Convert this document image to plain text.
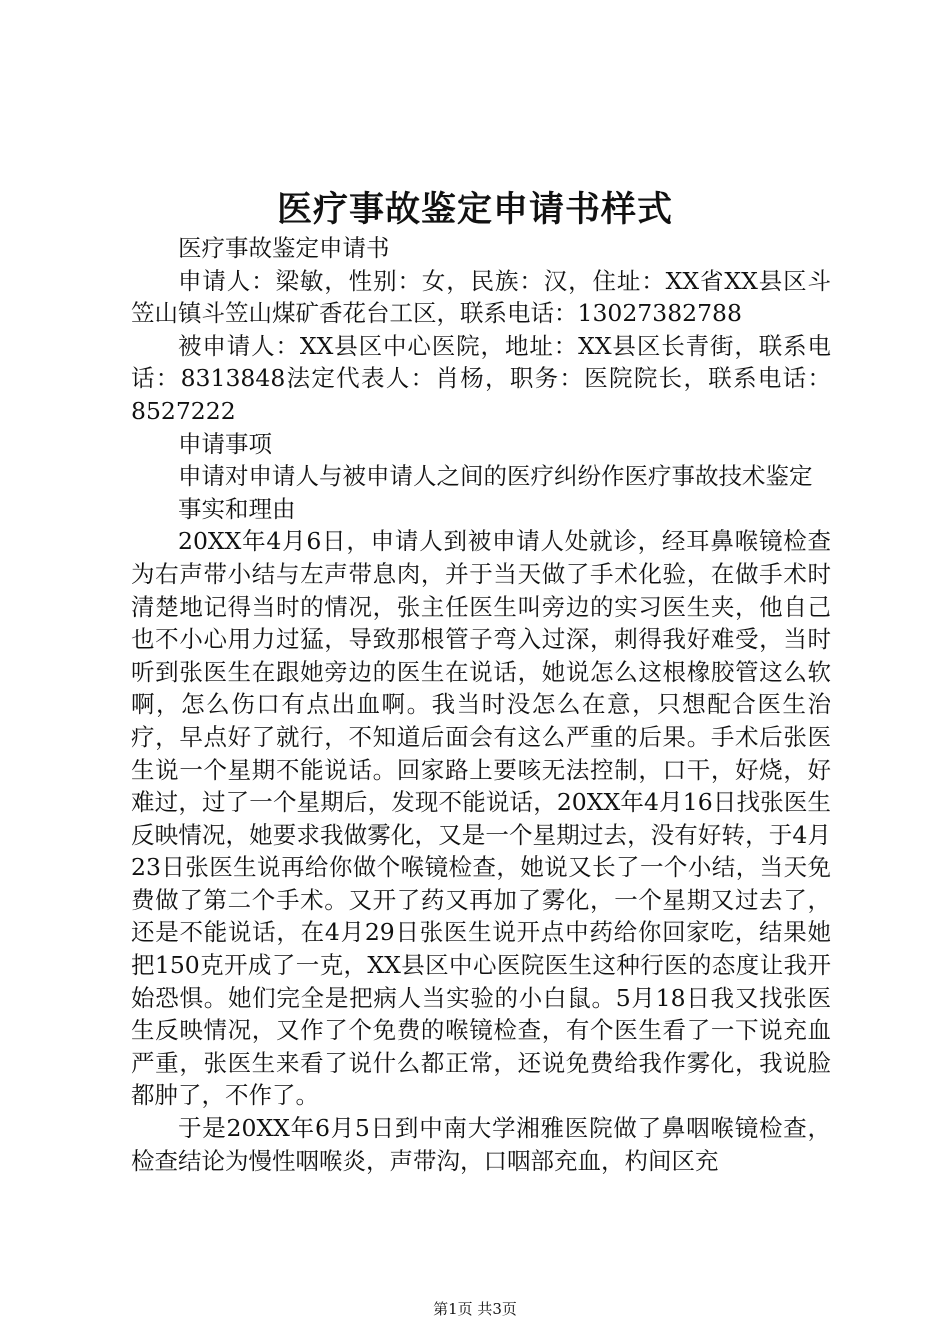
医疗事故鉴定申请书样式

医疗事故鉴定申请书

申请人：梁敏，性别：女，民族：汉，住址：XX省XX县区斗笠山镇斗笠山煤矿香花台工区，联系电话：13027382788

被申请人：XX县区中心医院，地址：XX县区长青街，联系电话：8313848法定代表人：肖杨，职务：医院院长，联系电话：8527222

申请事项

申请对申请人与被申请人之间的医疗纠纷作医疗事故技术鉴定

事实和理由

20XX年4月6日，申请人到被申请人处就诊，经耳鼻喉镜检查为右声带小结与左声带息肉，并于当天做了手术化验，在做手术时清楚地记得当时的情况，张主任医生叫旁边的实习医生夹，他自己也不小心用力过猛，导致那根管子弯入过深，刺得我好难受，当时听到张医生在跟她旁边的医生在说话，她说怎么这根橡胶管这么软啊，怎么伤口有点出血啊。我当时没怎么在意，只想配合医生治疗，早点好了就行，不知道后面会有这么严重的后果。手术后张医生说一个星期不能说话。回家路上要咳无法控制，口干，好烧，好难过，过了一个星期后，发现不能说话，20XX年4月16日找张医生反映情况，她要求我做雾化，又是一个星期过去，没有好转，于4月23日张医生说再给你做个喉镜检查，她说又长了一个小结，当天免费做了第二个手术。又开了药又再加了雾化，一个星期又过去了，还是不能说话，在4月29日张医生说开点中药给你回家吃，结果她把150克开成了一克，XX县区中心医院医生这种行医的态度让我开始恐惧。她们完全是把病人当实验的小白鼠。5月18日我又找张医生反映情况，又作了个免费的喉镜检查，有个医生看了一下说充血严重，张医生来看了说什么都正常，还说免费给我作雾化，我说脸都肿了，不作了。

于是20XX年6月5日到中南大学湘雅医院做了鼻咽喉镜检查，检查结论为慢性咽喉炎，声带沟，口咽部充血，杓间区充

第1页 共3页
